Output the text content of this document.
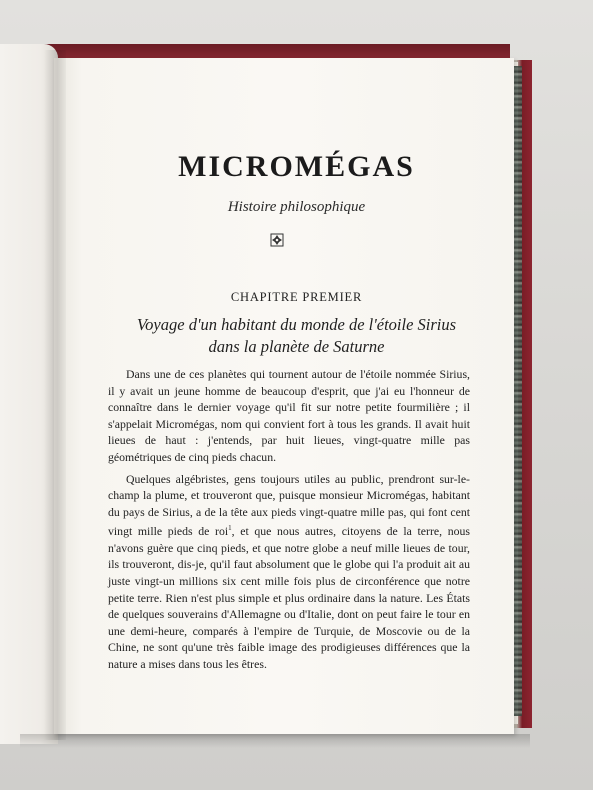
MICROMÉGAS
Histoire philosophique
CHAPITRE PREMIER
Voyage d'un habitant du monde de l'étoile Sirius
dans la planète de Saturne

Dans une de ces planètes qui tournent autour de l'étoile nommée Sirius, il y avait un jeune homme de beaucoup d'esprit, que j'ai eu l'honneur de connaître dans le dernier voyage qu'il fit sur notre petite fourmilière ; il s'appelait Micromégas, nom qui convient fort à tous les grands. Il avait huit lieues de haut : j'entends, par huit lieues, vingt-quatre mille pas géométriques de cinq pieds chacun.

Quelques algébristes, gens toujours utiles au public, prendront sur-le-champ la plume, et trouveront que, puisque monsieur Micromégas, habitant du pays de Sirius, a de la tête aux pieds vingt-quatre mille pas, qui font cent vingt mille pieds de roi$^1$, et que nous autres, citoyens de la terre, nous n'avons guère que cinq pieds, et que notre globe a neuf mille lieues de tour, ils trouveront, dis-je, qu'il faut absolument que le globe qui l'a produit ait au juste vingt-un millions six cent mille fois plus de circonférence que notre petite terre. Rien n'est plus simple et plus ordinaire dans la nature. Les États de quelques souverains d'Allemagne ou d'Italie, dont on peut faire le tour en une demi-heure, comparés à l'empire de Turquie, de Moscovie ou de la Chine, ne sont qu'une très faible image des prodigieuses différences que la nature a mises dans tous les êtres.
